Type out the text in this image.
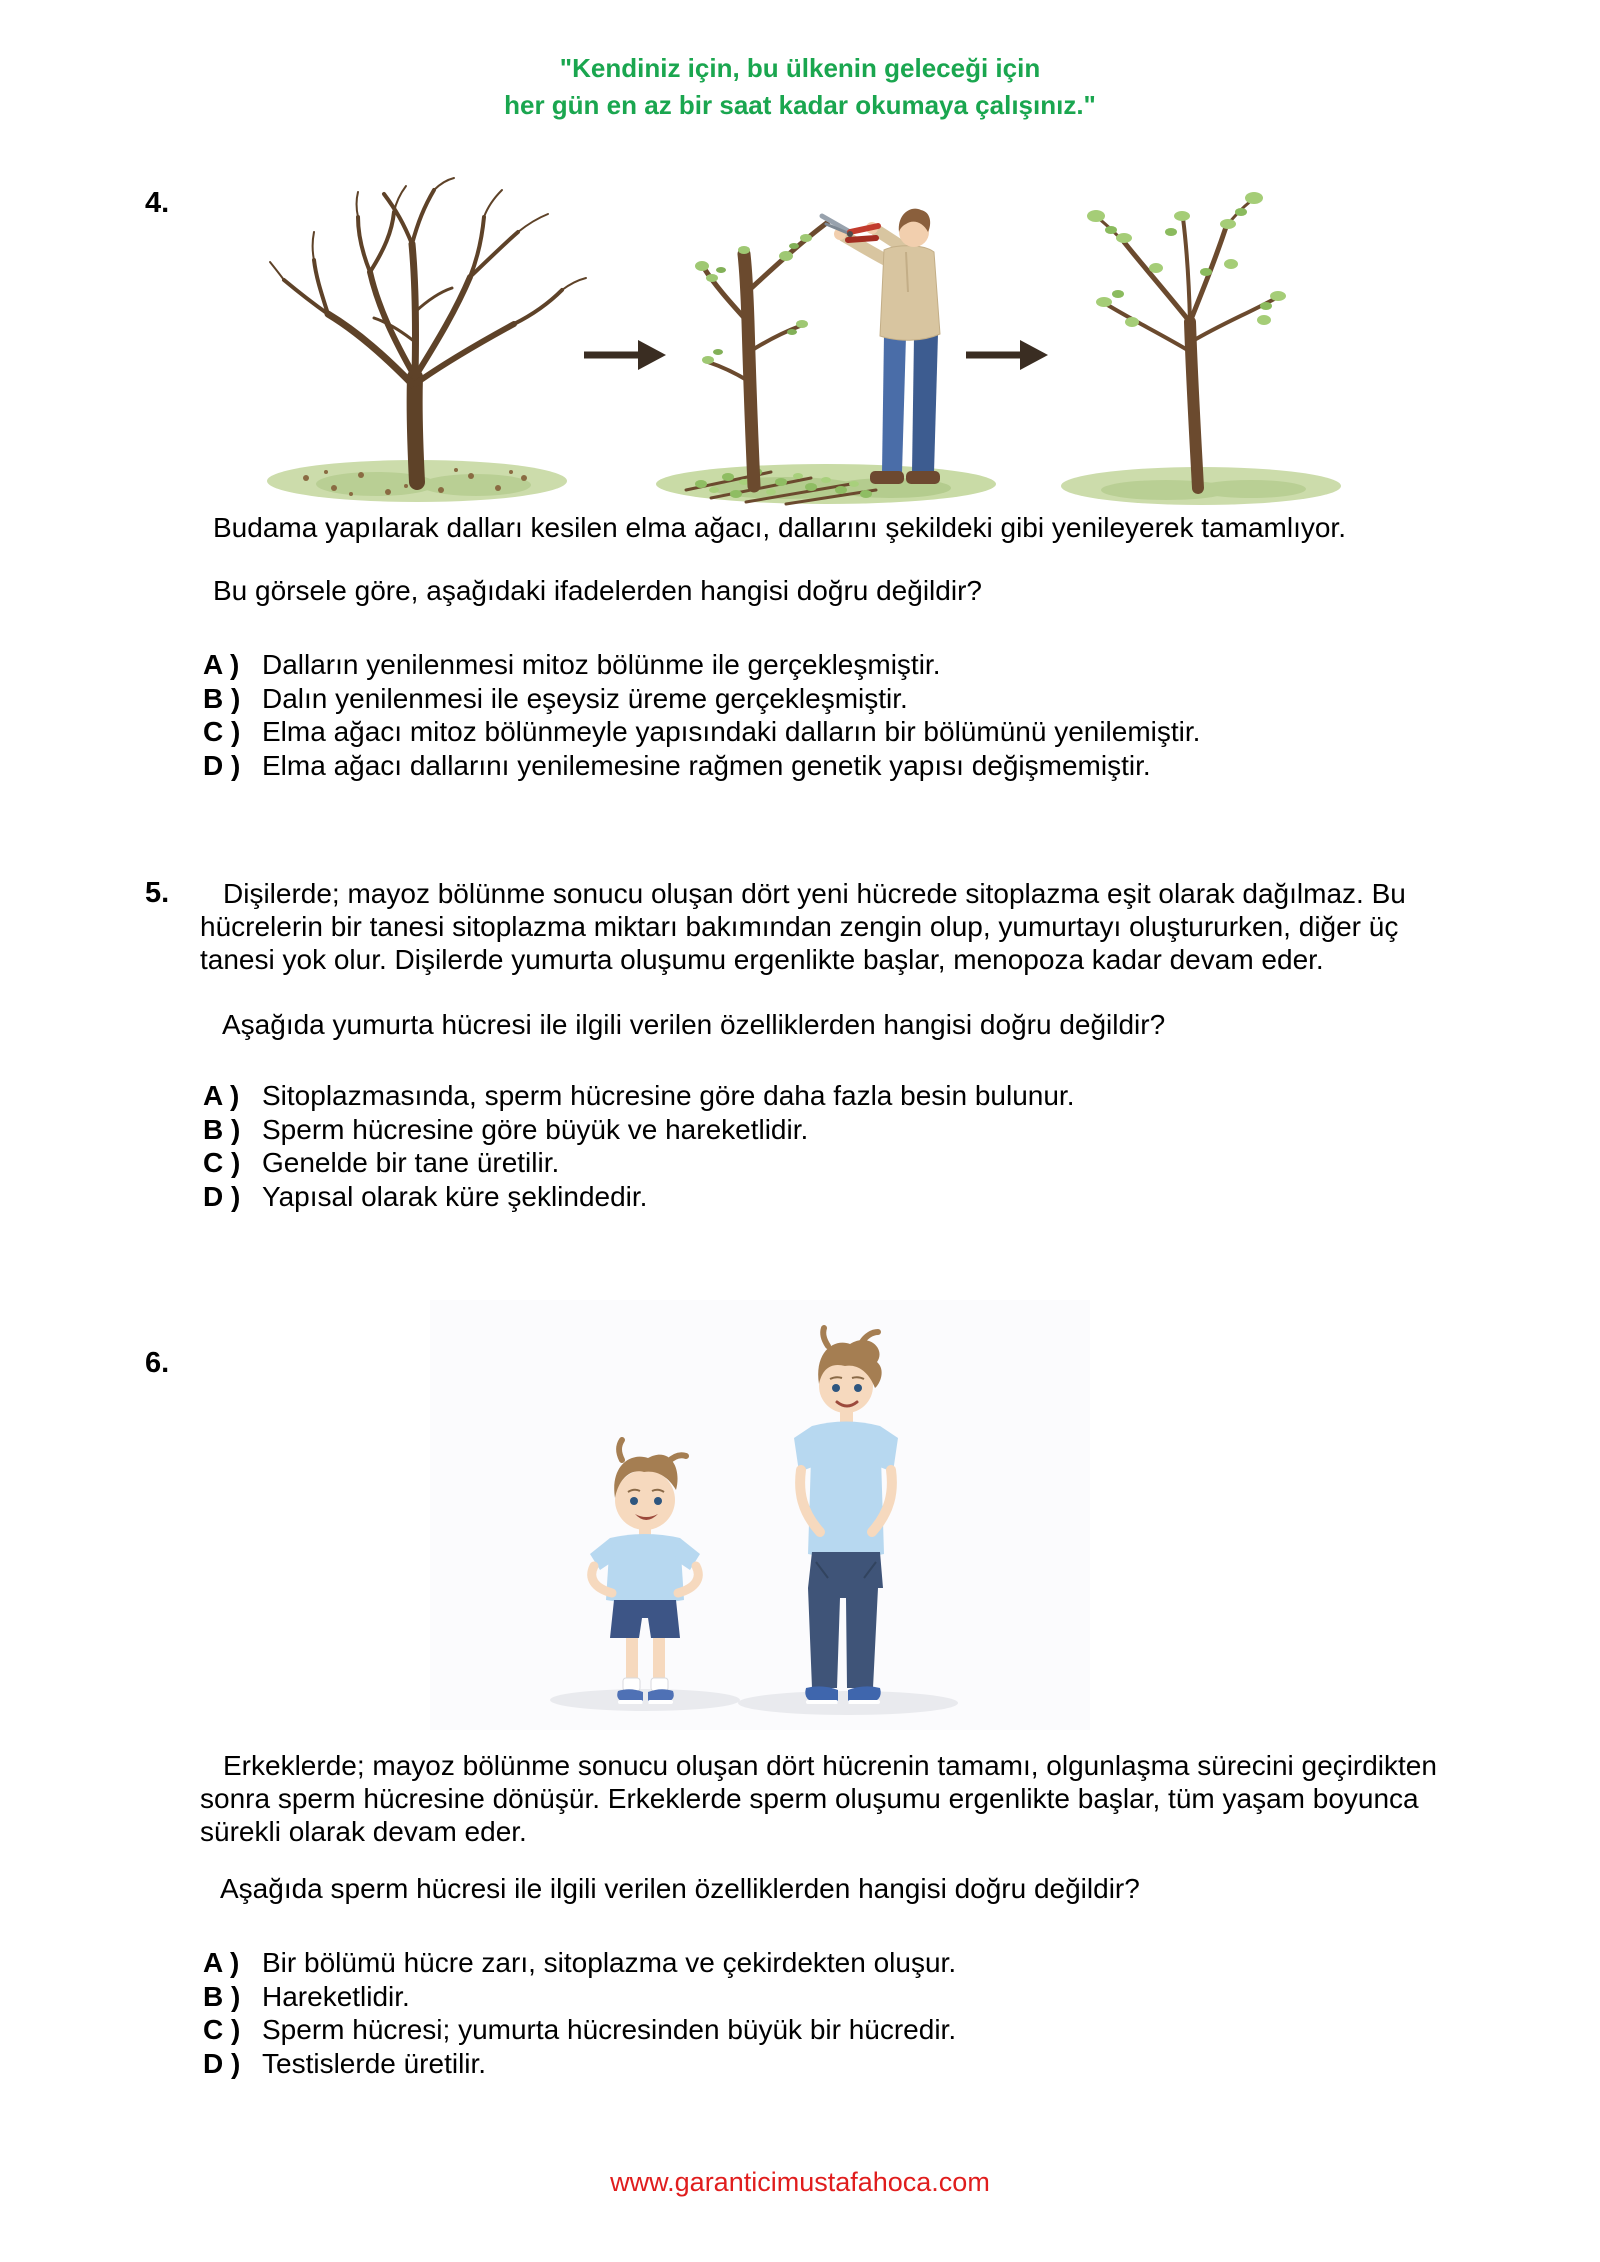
"Kendiniz için, bu ülkenin geleceği için
her gün en az bir saat kadar okumaya çalışınız."
4.
Budama yapılarak dalları kesilen elma ağacı, dallarını şekildeki gibi yenileyerek tamamlıyor.
Bu görsele göre, aşağıdaki ifadelerden hangisi doğru değildir?
A ) Dalların yenilenmesi mitoz bölünme ile gerçekleşmiştir.
B ) Dalın yenilenmesi ile eşeysiz üreme gerçekleşmiştir.
C ) Elma ağacı mitoz bölünmeyle yapısındaki dalların bir bölümünü yenilemiştir.
D ) Elma ağacı dallarını yenilemesine rağmen genetik yapısı değişmemiştir.
5.	Dişilerde; mayoz bölünme sonucu oluşan dört yeni hücrede sitoplazma eşit olarak dağılmaz. Bu
hücrelerin bir tanesi sitoplazma miktarı bakımından zengin olup, yumurtayı oluştururken, diğer üç
tanesi yok olur. Dişilerde yumurta oluşumu ergenlikte başlar, menopoza kadar devam eder.
Aşağıda yumurta hücresi ile ilgili verilen özelliklerden hangisi doğru değildir?
A ) Sitoplazmasında, sperm hücresine göre daha fazla besin bulunur.
B ) Sperm hücresine göre büyük ve hareketlidir.
C ) Genelde bir tane üretilir.
D ) Yapısal olarak küre şeklindedir.
6.
Erkeklerde; mayoz bölünme sonucu oluşan dört hücrenin tamamı, olgunlaşma sürecini geçirdikten
sonra sperm hücresine dönüşür. Erkeklerde sperm oluşumu ergenlikte başlar, tüm yaşam boyunca
sürekli olarak devam eder.
Aşağıda sperm hücresi ile ilgili verilen özelliklerden hangisi doğru değildir?
A ) Bir bölümü hücre zarı, sitoplazma ve çekirdekten oluşur.
B ) Hareketlidir.
C ) Sperm hücresi; yumurta hücresinden büyük bir hücredir.
D ) Testislerde üretilir.
www.garanticimustafahoca.com
